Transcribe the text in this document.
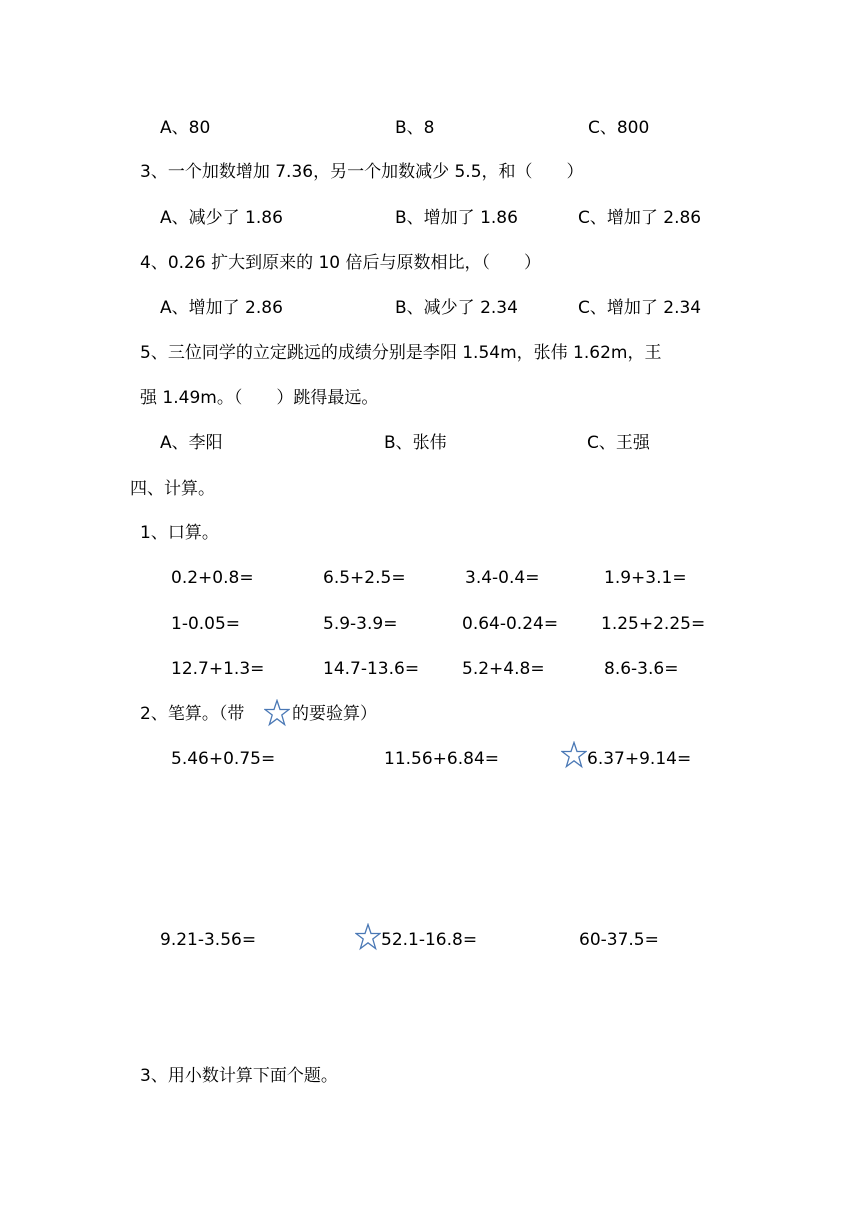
A、80	B、8	C、800
3、一个加数增加 7.36，另一个加数减少 5.5，和（　　）
A、减少了 1.86	B、增加了 1.86	C、增加了 2.86
4、0.26 扩大到原来的 10 倍后与原数相比，（　　）
A、增加了 2.86	B、减少了 2.34	C、增加了 2.34
5、三位同学的立定跳远的成绩分别是李阳 1.54m，张伟 1.62m，王
强 1.49m。（　　）跳得最远。
A、李阳	B、张伟	C、王强
四、计算。
1、口算。
0.2+0.8=	6.5+2.5=	3.4-0.4=	1.9+3.1=
1-0.05=	5.9-3.9=	0.64-0.24=	1.25+2.25=
12.7+1.3=	14.7-13.6=	5.2+4.8=	8.6-3.6=
2、笔算。（带	的要验算）
5.46+0.75=	11.56+6.84=	6.37+9.14=
9.21-3.56=	52.1-16.8=	60-37.5=
3、用小数计算下面个题。
